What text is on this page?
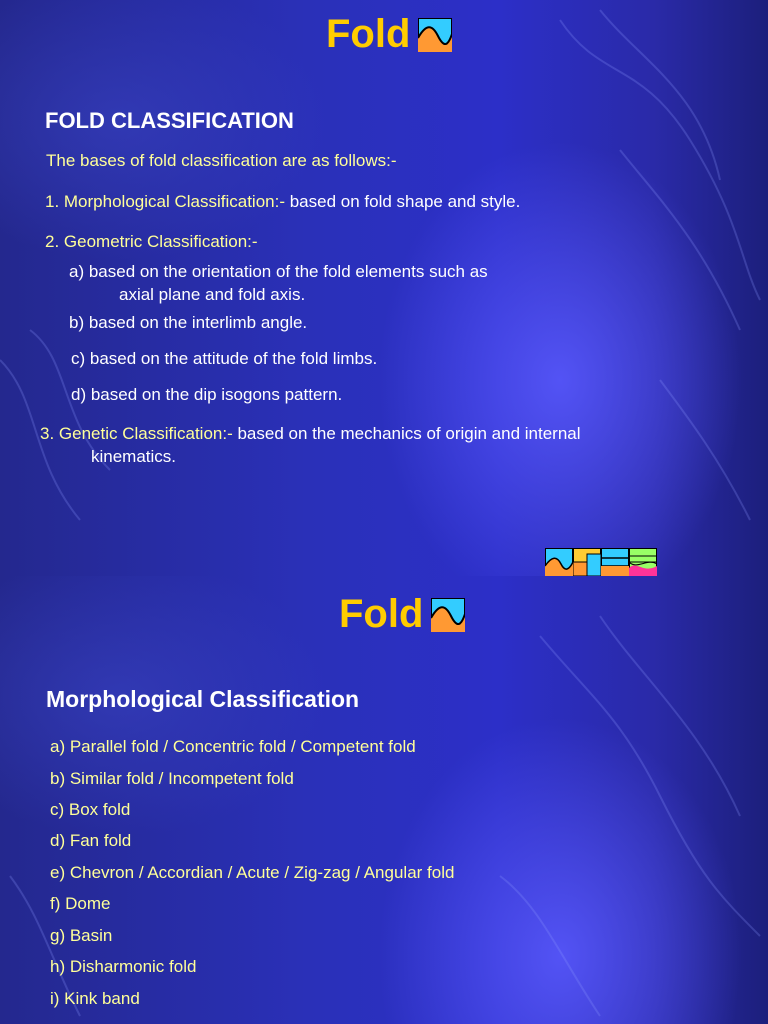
Fold
FOLD CLASSIFICATION
The bases of fold classification are as follows:-
1. Morphological Classification:- based on fold shape and style.
2. Geometric Classification:-
a) based on the orientation of the fold elements such as
axial plane and fold axis.
b) based on the interlimb angle.
c) based on the attitude of the fold limbs.
d) based on the dip isogons pattern.
3. Genetic Classification:- based on the mechanics of origin and internal
kinematics.
Fold
Morphological Classification
a) Parallel fold / Concentric fold / Competent fold
b) Similar fold / Incompetent fold
c) Box fold
d) Fan fold
e) Chevron / Accordian / Acute / Zig-zag / Angular fold
f) Dome
g) Basin
h) Disharmonic fold
i) Kink band
